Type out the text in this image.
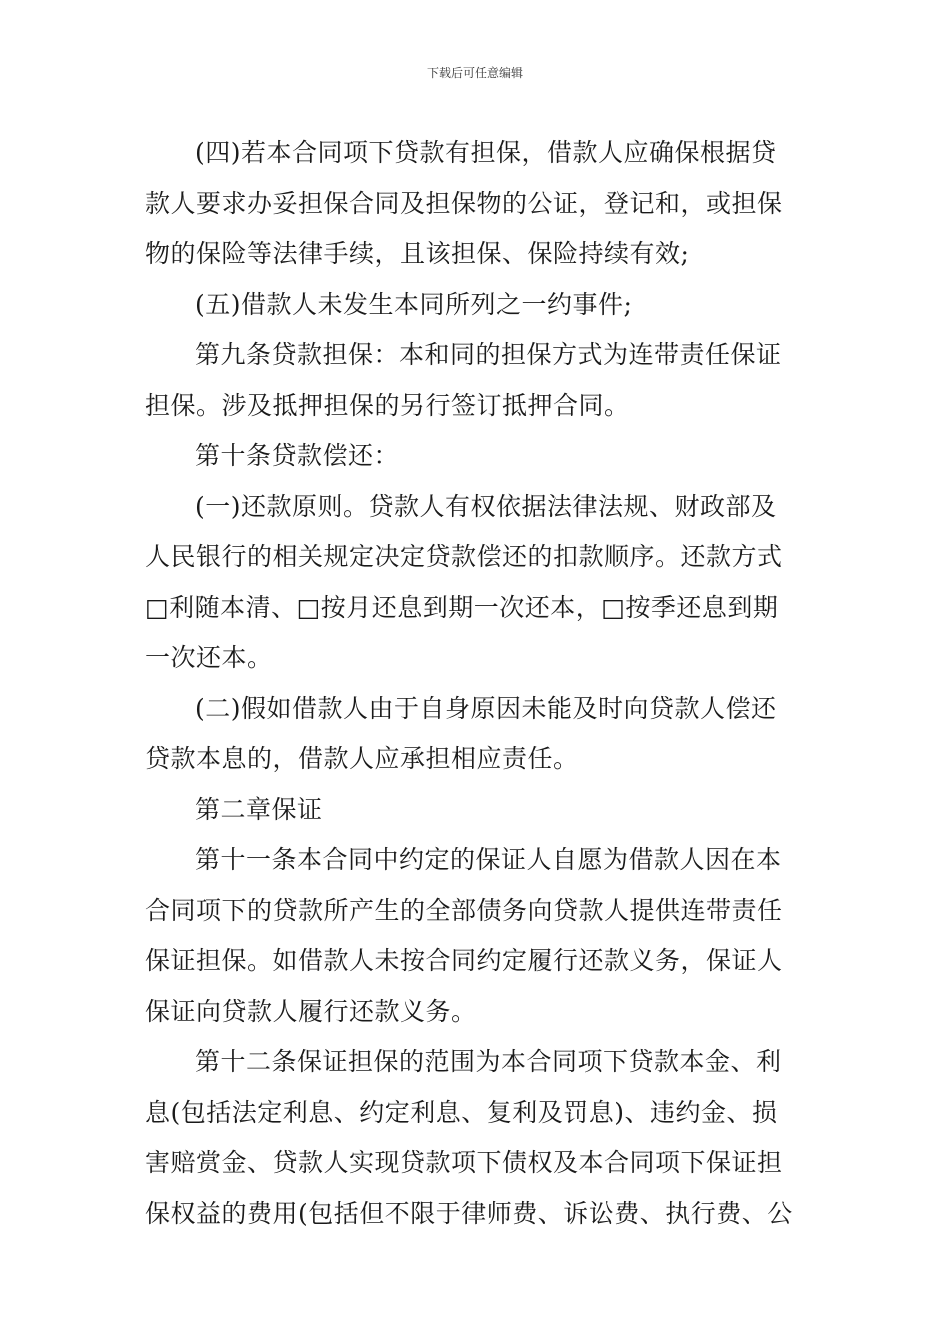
下载后可任意编辑

(四)若本合同项下贷款有担保，借款人应确保根据贷
款人要求办妥担保合同及担保物的公证，登记和，或担保
物的保险等法律手续，且该担保、保险持续有效;

(五)借款人未发生本同所列之一约事件;

第九条贷款担保：本和同的担保方式为连带责任保证
担保。涉及抵押担保的另行签订抵押合同。

第十条贷款偿还：

(一)还款原则。贷款人有权依据法律法规、财政部及
人民银行的相关规定决定贷款偿还的扣款顺序。还款方式
□利随本清、□按月还息到期一次还本，□按季还息到期
一次还本。

(二)假如借款人由于自身原因未能及时向贷款人偿还
贷款本息的，借款人应承担相应责任。

第二章保证

第十一条本合同中约定的保证人自愿为借款人因在本
合同项下的贷款所产生的全部债务向贷款人提供连带责任
保证担保。如借款人未按合同约定履行还款义务，保证人
保证向贷款人履行还款义务。

第十二条保证担保的范围为本合同项下贷款本金、利
息(包括法定利息、约定利息、复利及罚息)、违约金、损
害赔赏金、贷款人实现贷款项下债权及本合同项下保证担
保权益的费用(包括但不限于律师费、诉讼费、执行费、公
